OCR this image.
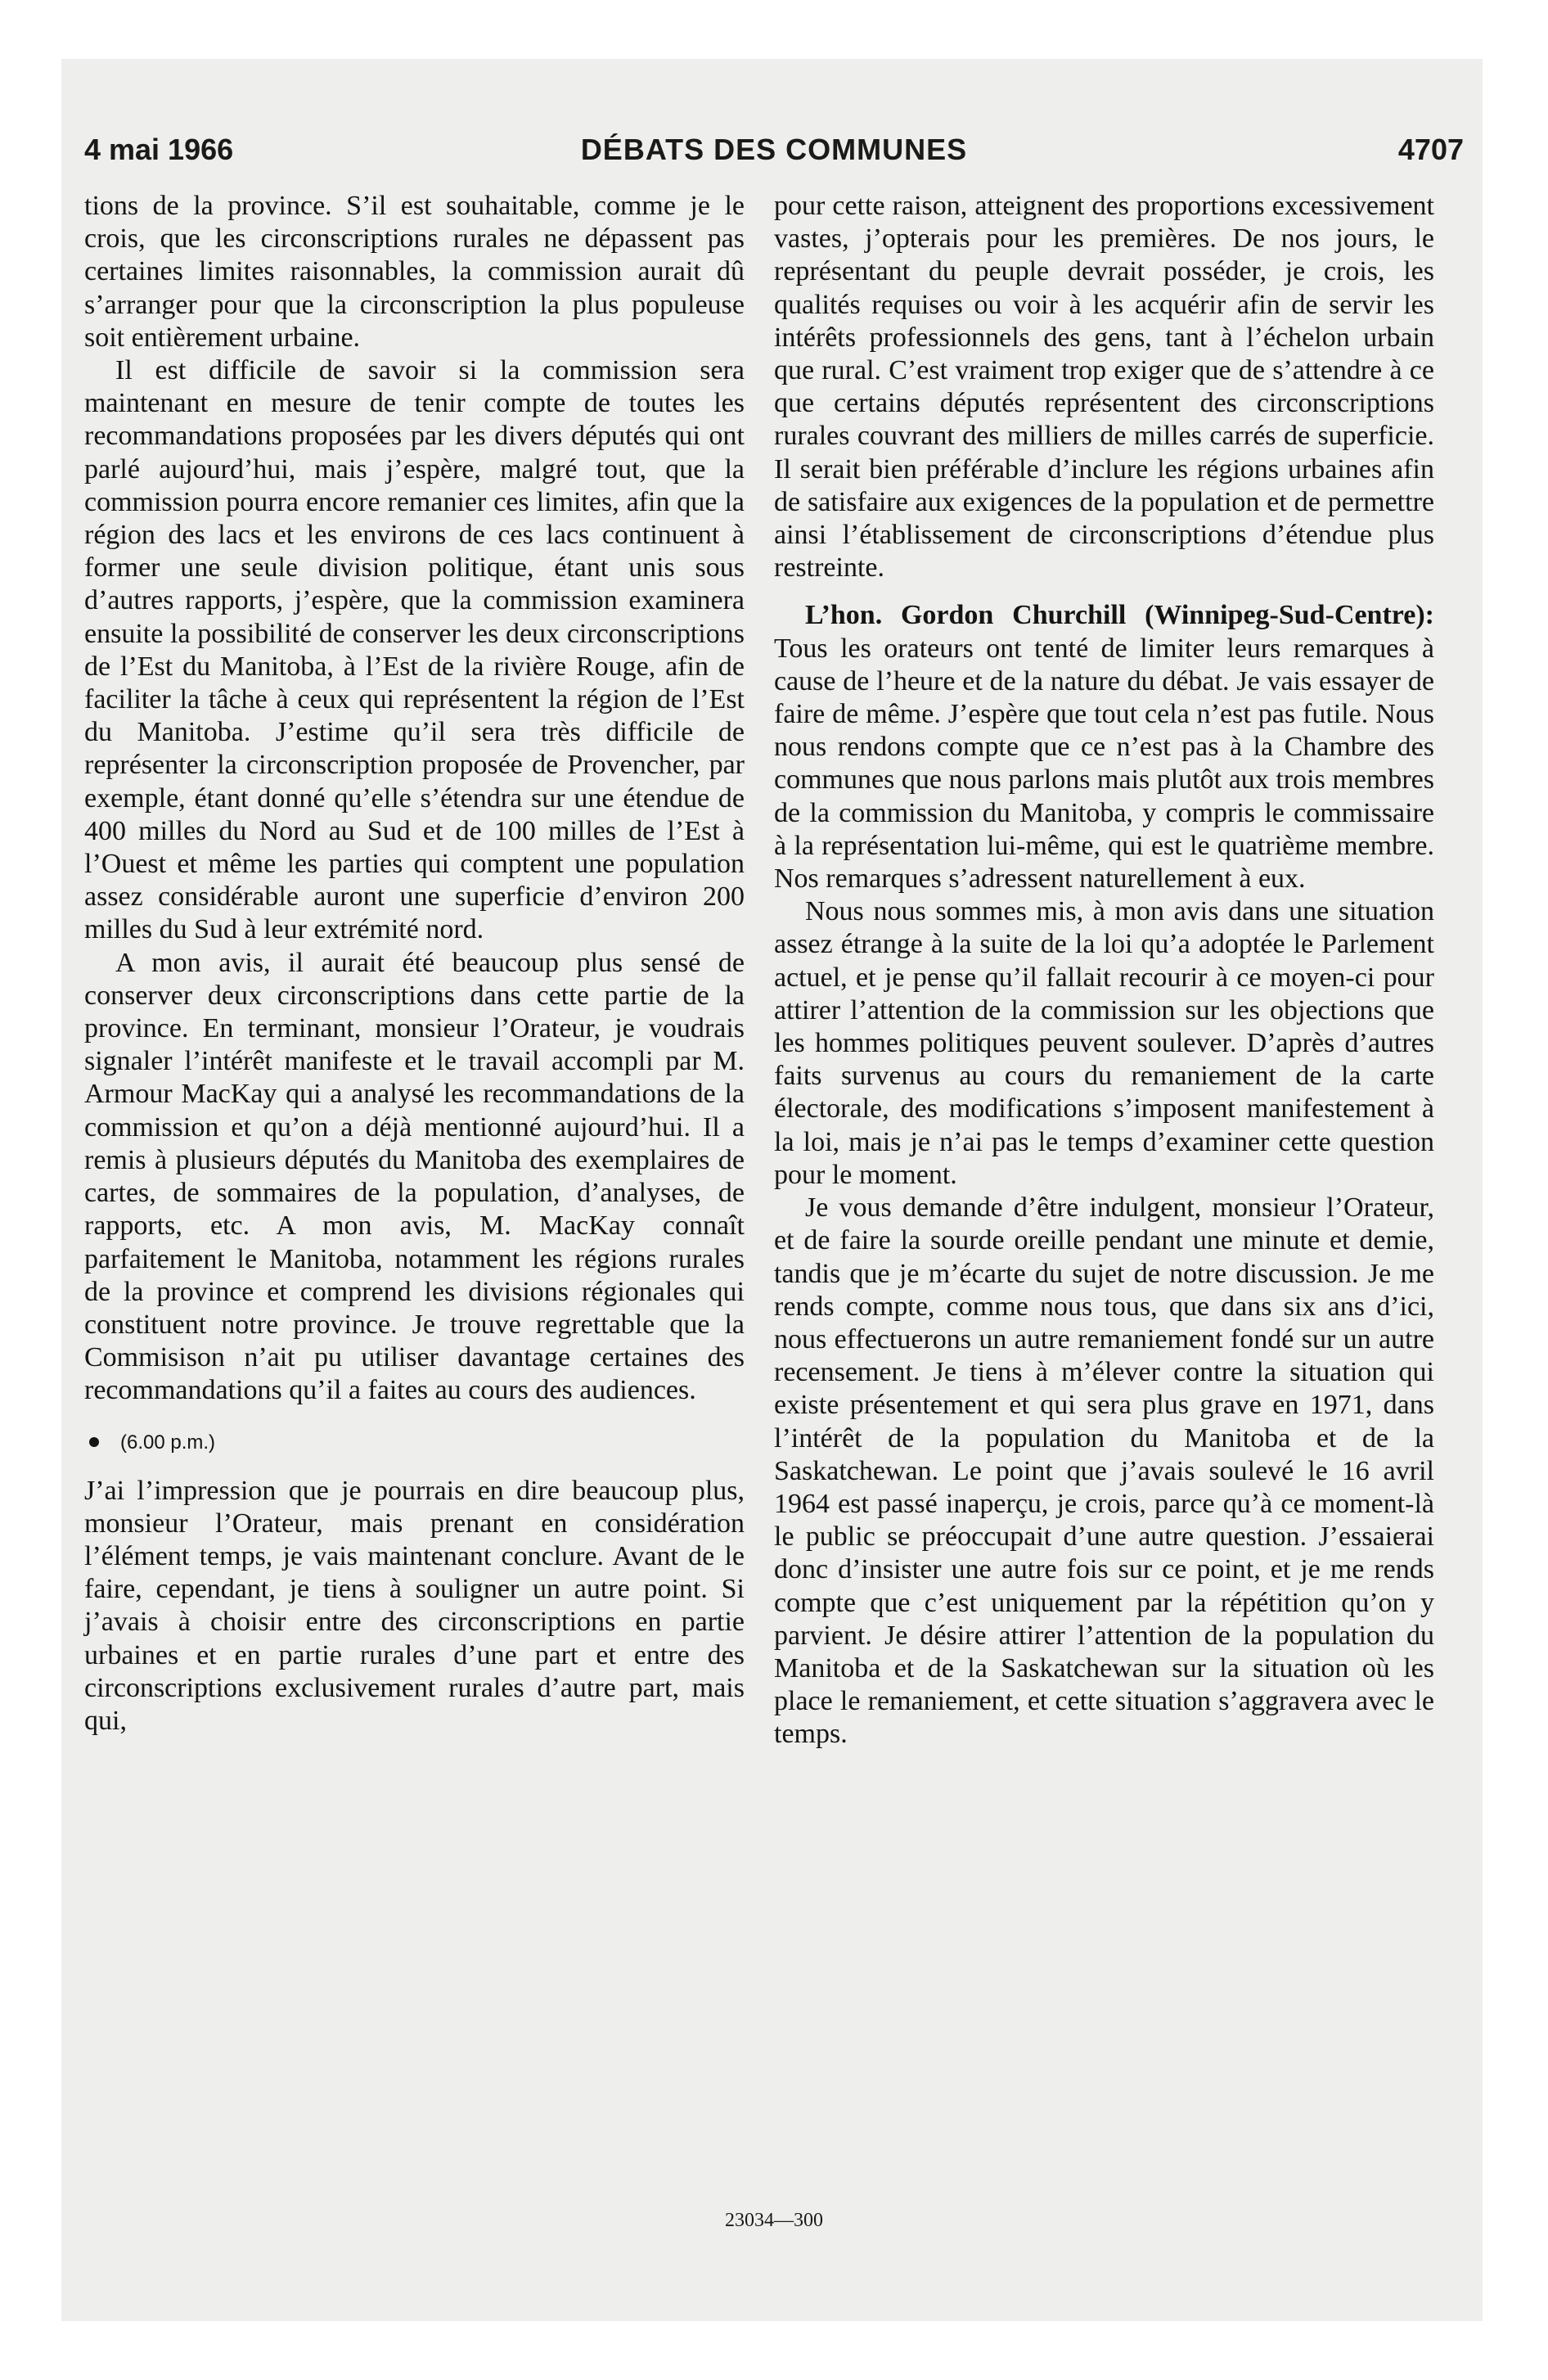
4 mai 1966	DÉBATS DES COMMUNES	4707

tions de la province. S’il est souhaitable, comme je le crois, que les circonscriptions rurales ne dépassent pas certaines limites raisonnables, la commission aurait dû s’arranger pour que la circonscription la plus populeuse soit entièrement urbaine.

Il est difficile de savoir si la commission sera maintenant en mesure de tenir compte de toutes les recommandations proposées par les divers députés qui ont parlé aujourd’hui, mais j’espère, malgré tout, que la commission pourra encore remanier ces limites, afin que la région des lacs et les environs de ces lacs continuent à former une seule division politique, étant unis sous d’autres rapports, j’espère, que la commission examinera ensuite la possibilité de conserver les deux circonscriptions de l’Est du Manitoba, à l’Est de la rivière Rouge, afin de faciliter la tâche à ceux qui représentent la région de l’Est du Manitoba. J’estime qu’il sera très difficile de représenter la circonscription proposée de Provencher, par exemple, étant donné qu’elle s’étendra sur une étendue de 400 milles du Nord au Sud et de 100 milles de l’Est à l’Ouest et même les parties qui comptent une population assez considérable auront une superficie d’environ 200 milles du Sud à leur extrémité nord.

A mon avis, il aurait été beaucoup plus sensé de conserver deux circonscriptions dans cette partie de la province. En terminant, monsieur l’Orateur, je voudrais signaler l’intérêt manifeste et le travail accompli par M. Armour MacKay qui a analysé les recommandations de la commission et qu’on a déjà mentionné aujourd’hui. Il a remis à plusieurs députés du Manitoba des exemplaires de cartes, de sommaires de la population, d’analyses, de rapports, etc. A mon avis, M. MacKay connaît parfaitement le Manitoba, notamment les régions rurales de la province et comprend les divisions régionales qui constituent notre province. Je trouve regrettable que la Commisison n’ait pu utiliser davantage certaines des recommandations qu’il a faites au cours des audiences.

(6.00 p.m.)

J’ai l’impression que je pourrais en dire beaucoup plus, monsieur l’Orateur, mais prenant en considération l’élément temps, je vais maintenant conclure. Avant de le faire, cependant, je tiens à souligner un autre point. Si j’avais à choisir entre des circonscriptions en partie urbaines et en partie rurales d’une part et entre des circonscriptions exclusivement rurales d’autre part, mais qui,

pour cette raison, atteignent des proportions excessivement vastes, j’opterais pour les premières. De nos jours, le représentant du peuple devrait posséder, je crois, les qualités requises ou voir à les acquérir afin de servir les intérêts professionnels des gens, tant à l’échelon urbain que rural. C’est vraiment trop exiger que de s’attendre à ce que certains députés représentent des circonscriptions rurales couvrant des milliers de milles carrés de superficie. Il serait bien préférable d’inclure les régions urbaines afin de satisfaire aux exigences de la population et de permettre ainsi l’établissement de circonscriptions d’étendue plus restreinte.

L’hon. Gordon Churchill (Winnipeg-Sud-Centre): Tous les orateurs ont tenté de limiter leurs remarques à cause de l’heure et de la nature du débat. Je vais essayer de faire de même. J’espère que tout cela n’est pas futile. Nous nous rendons compte que ce n’est pas à la Chambre des communes que nous parlons mais plutôt aux trois membres de la commission du Manitoba, y compris le commissaire à la représentation lui-même, qui est le quatrième membre. Nos remarques s’adressent naturellement à eux.

Nous nous sommes mis, à mon avis dans une situation assez étrange à la suite de la loi qu’a adoptée le Parlement actuel, et je pense qu’il fallait recourir à ce moyen-ci pour attirer l’attention de la commission sur les objections que les hommes politiques peuvent soulever. D’après d’autres faits survenus au cours du remaniement de la carte électorale, des modifications s’imposent manifestement à la loi, mais je n’ai pas le temps d’examiner cette question pour le moment.

Je vous demande d’être indulgent, monsieur l’Orateur, et de faire la sourde oreille pendant une minute et demie, tandis que je m’écarte du sujet de notre discussion. Je me rends compte, comme nous tous, que dans six ans d’ici, nous effectuerons un autre remaniement fondé sur un autre recensement. Je tiens à m’élever contre la situation qui existe présentement et qui sera plus grave en 1971, dans l’intérêt de la population du Manitoba et de la Saskatchewan. Le point que j’avais soulevé le 16 avril 1964 est passé inaperçu, je crois, parce qu’à ce moment-là le public se préoccupait d’une autre question. J’essaierai donc d’insister une autre fois sur ce point, et je me rends compte que c’est uniquement par la répétition qu’on y parvient. Je désire attirer l’attention de la population du Manitoba et de la Saskatchewan sur la situation où les place le remaniement, et cette situation s’aggravera avec le temps.

23034—300
